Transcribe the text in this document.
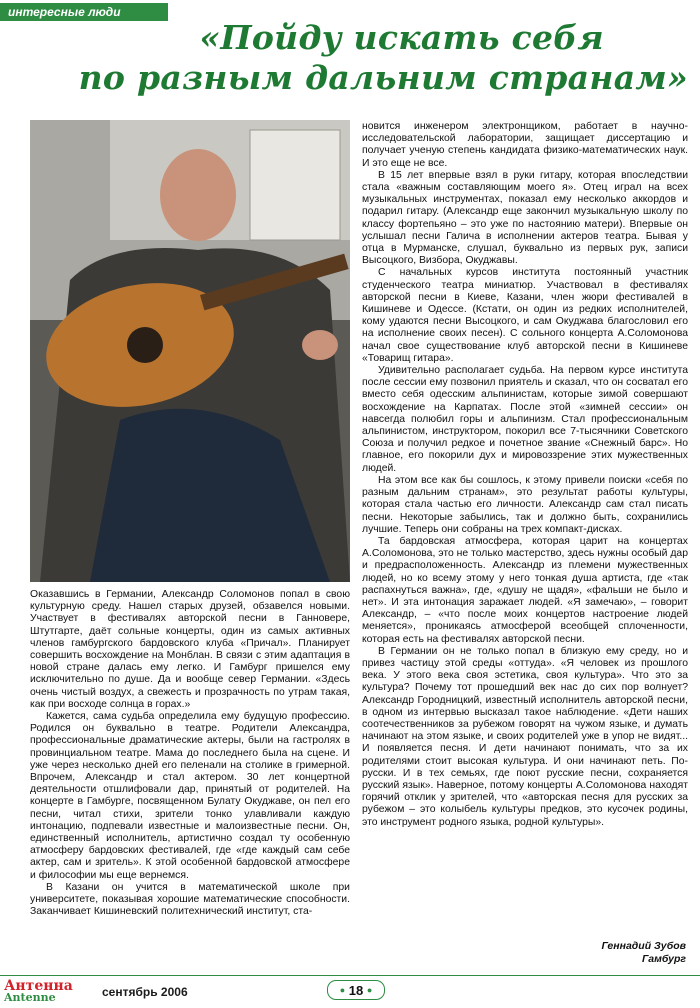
интересные люди Гамбурга	«Пойду искать себя
по разным дальним странам»

Оказавшись в Германии, Александр Соломонов попал в свою культурную среду. Нашел старых друзей, обзавелся новыми. Участвует в фестивалях авторской песни в Ганновере, Штутгарте, даёт сольные концерты, один из самых активных членов гамбургского бардовского клуба «Причал». Планирует совершить восхождение на Монблан. В связи с этим адаптация в новой стране далась ему легко. И Гамбург пришелся ему исключительно по душе. Да и вообще север Германии. «Здесь очень чистый воздух, а свежесть и прозрачность по утрам такая, как при восходе солнца в горах.»

Кажется, сама судьба определила ему будущую профессию. Родился он буквально в театре. Родители Александра, профессиональные драматические актеры, были на гастролях в провинциальном театре. Мама до последнего была на сцене. И уже через несколько дней его пеленали на столике в гримерной. Впрочем, Александр и стал актером. 30 лет концертной деятельности отшлифовали дар, принятый от родителей. На концерте в Гамбурге, посвященном Булату Окуджаве, он пел его песни, читал стихи, зрители тонко улавливали каждую интонацию, подпевали известные и малоизвестные песни. Он, единственный исполнитель, артистично создал ту особенную атмосферу бардовских фестивалей, где «где каждый сам себе актер, сам и зритель». К этой особенной бардовской атмосфере и философии мы еще вернемся.

В Казани он учится в математической школе при университете, показывая хорошие математические способности. Заканчивает Кишиневский политехнический институт, ста-

новится инженером электронщиком, работает в научно-исследовательской лаборатории, защищает диссертацию и получает ученую степень кандидата физико-математических наук. И это еще не все.

В 15 лет впервые взял в руки гитару, которая впоследствии стала «важным составляющим моего я». Отец играл на всех музыкальных инструментах, показал ему несколько аккордов и подарил гитару. (Александр еще закончил музыкальную школу по классу фортепьяно – это уже по настоянию матери). Впервые он услышал песни Галича в исполнении актеров театра. Бывая у отца в Мурманске, слушал, буквально из первых рук, записи Высоцкого, Визбора, Окуджавы.

С начальных курсов института постоянный участник студенческого театра миниатюр. Участвовал в фестивалях авторской песни в Киеве, Казани, член жюри фестивалей в Кишиневе и Одессе. (Кстати, он один из редких исполнителей, кому удаются песни Высоцкого, и сам Окуджава благословил его на исполнение своих песен). С сольного концерта А.Соломонова начал свое существование клуб авторской песни в Кишиневе «Товарищ гитара».

Удивительно располагает судьба. На первом курсе института после сессии ему позвонил приятель и сказал, что он сосватал его вместо себя одесским альпинистам, которые зимой совершают восхождение на Карпатах. После этой «зимней сессии» он навсегда полюбил горы и альпинизм. Стал профессиональным альпинистом, инструктором, покорил все 7-тысячники Советского Союза и получил редкое и почетное звание «Снежный барс». Но главное, его покорили дух и мировоззрение этих мужественных людей.

На этом все как бы сошлось, к этому привели поиски «себя по разным дальним странам», это результат работы культуры, которая стала частью его личности. Александр сам стал писать песни. Некоторые забылись, так и должно быть, сохранились лучшие. Теперь они собраны на трех компакт-дисках.

Та бардовская атмосфера, которая царит на концертах А.Соломонова, это не только мастерство, здесь нужны особый дар и предрасположенность. Александр из племени мужественных людей, но ко всему этому у него тонкая душа артиста, где «так распахнуться важна», где, «душу не щадя», «фальши не было и нет». И эта интонация заражает людей. «Я замечаю», – говорит Александр, – «что после моих концертов настроение людей меняется», проникаясь атмосферой всеобщей сплоченности, которая есть на фестивалях авторской песни.

В Германии он не только попал в близкую ему среду, но и привез частицу этой среды «оттуда». «Я человек из прошлого века. У этого века своя эстетика, своя культура». Что это за культура? Почему тот прошедший век нас до сих пор волнует? Александр Городницкий, известный исполнитель авторской песни, в одном из интервью высказал такое наблюдение. «Дети наших соотечественников за рубежом говорят на чужом языке, и думать начинают на этом языке, и своих родителей уже в упор не видят... И появляется песня. И дети начинают понимать, что за их родителями стоит высокая культура. И они начинают петь. По-русски. И в тех семьях, где поют русские песни, сохраняется русский язык». Наверное, потому концерты А.Соломонова находят горячий отклик у зрителей, что «авторская песня для русских за рубежом – это колыбель культуры предков, это кусочек родины, это инструмент родного языка, родной культуры».

Геннадий Зубов
Гамбург
Антенна
Antenne	сентябрь 2006	● 18 ●
